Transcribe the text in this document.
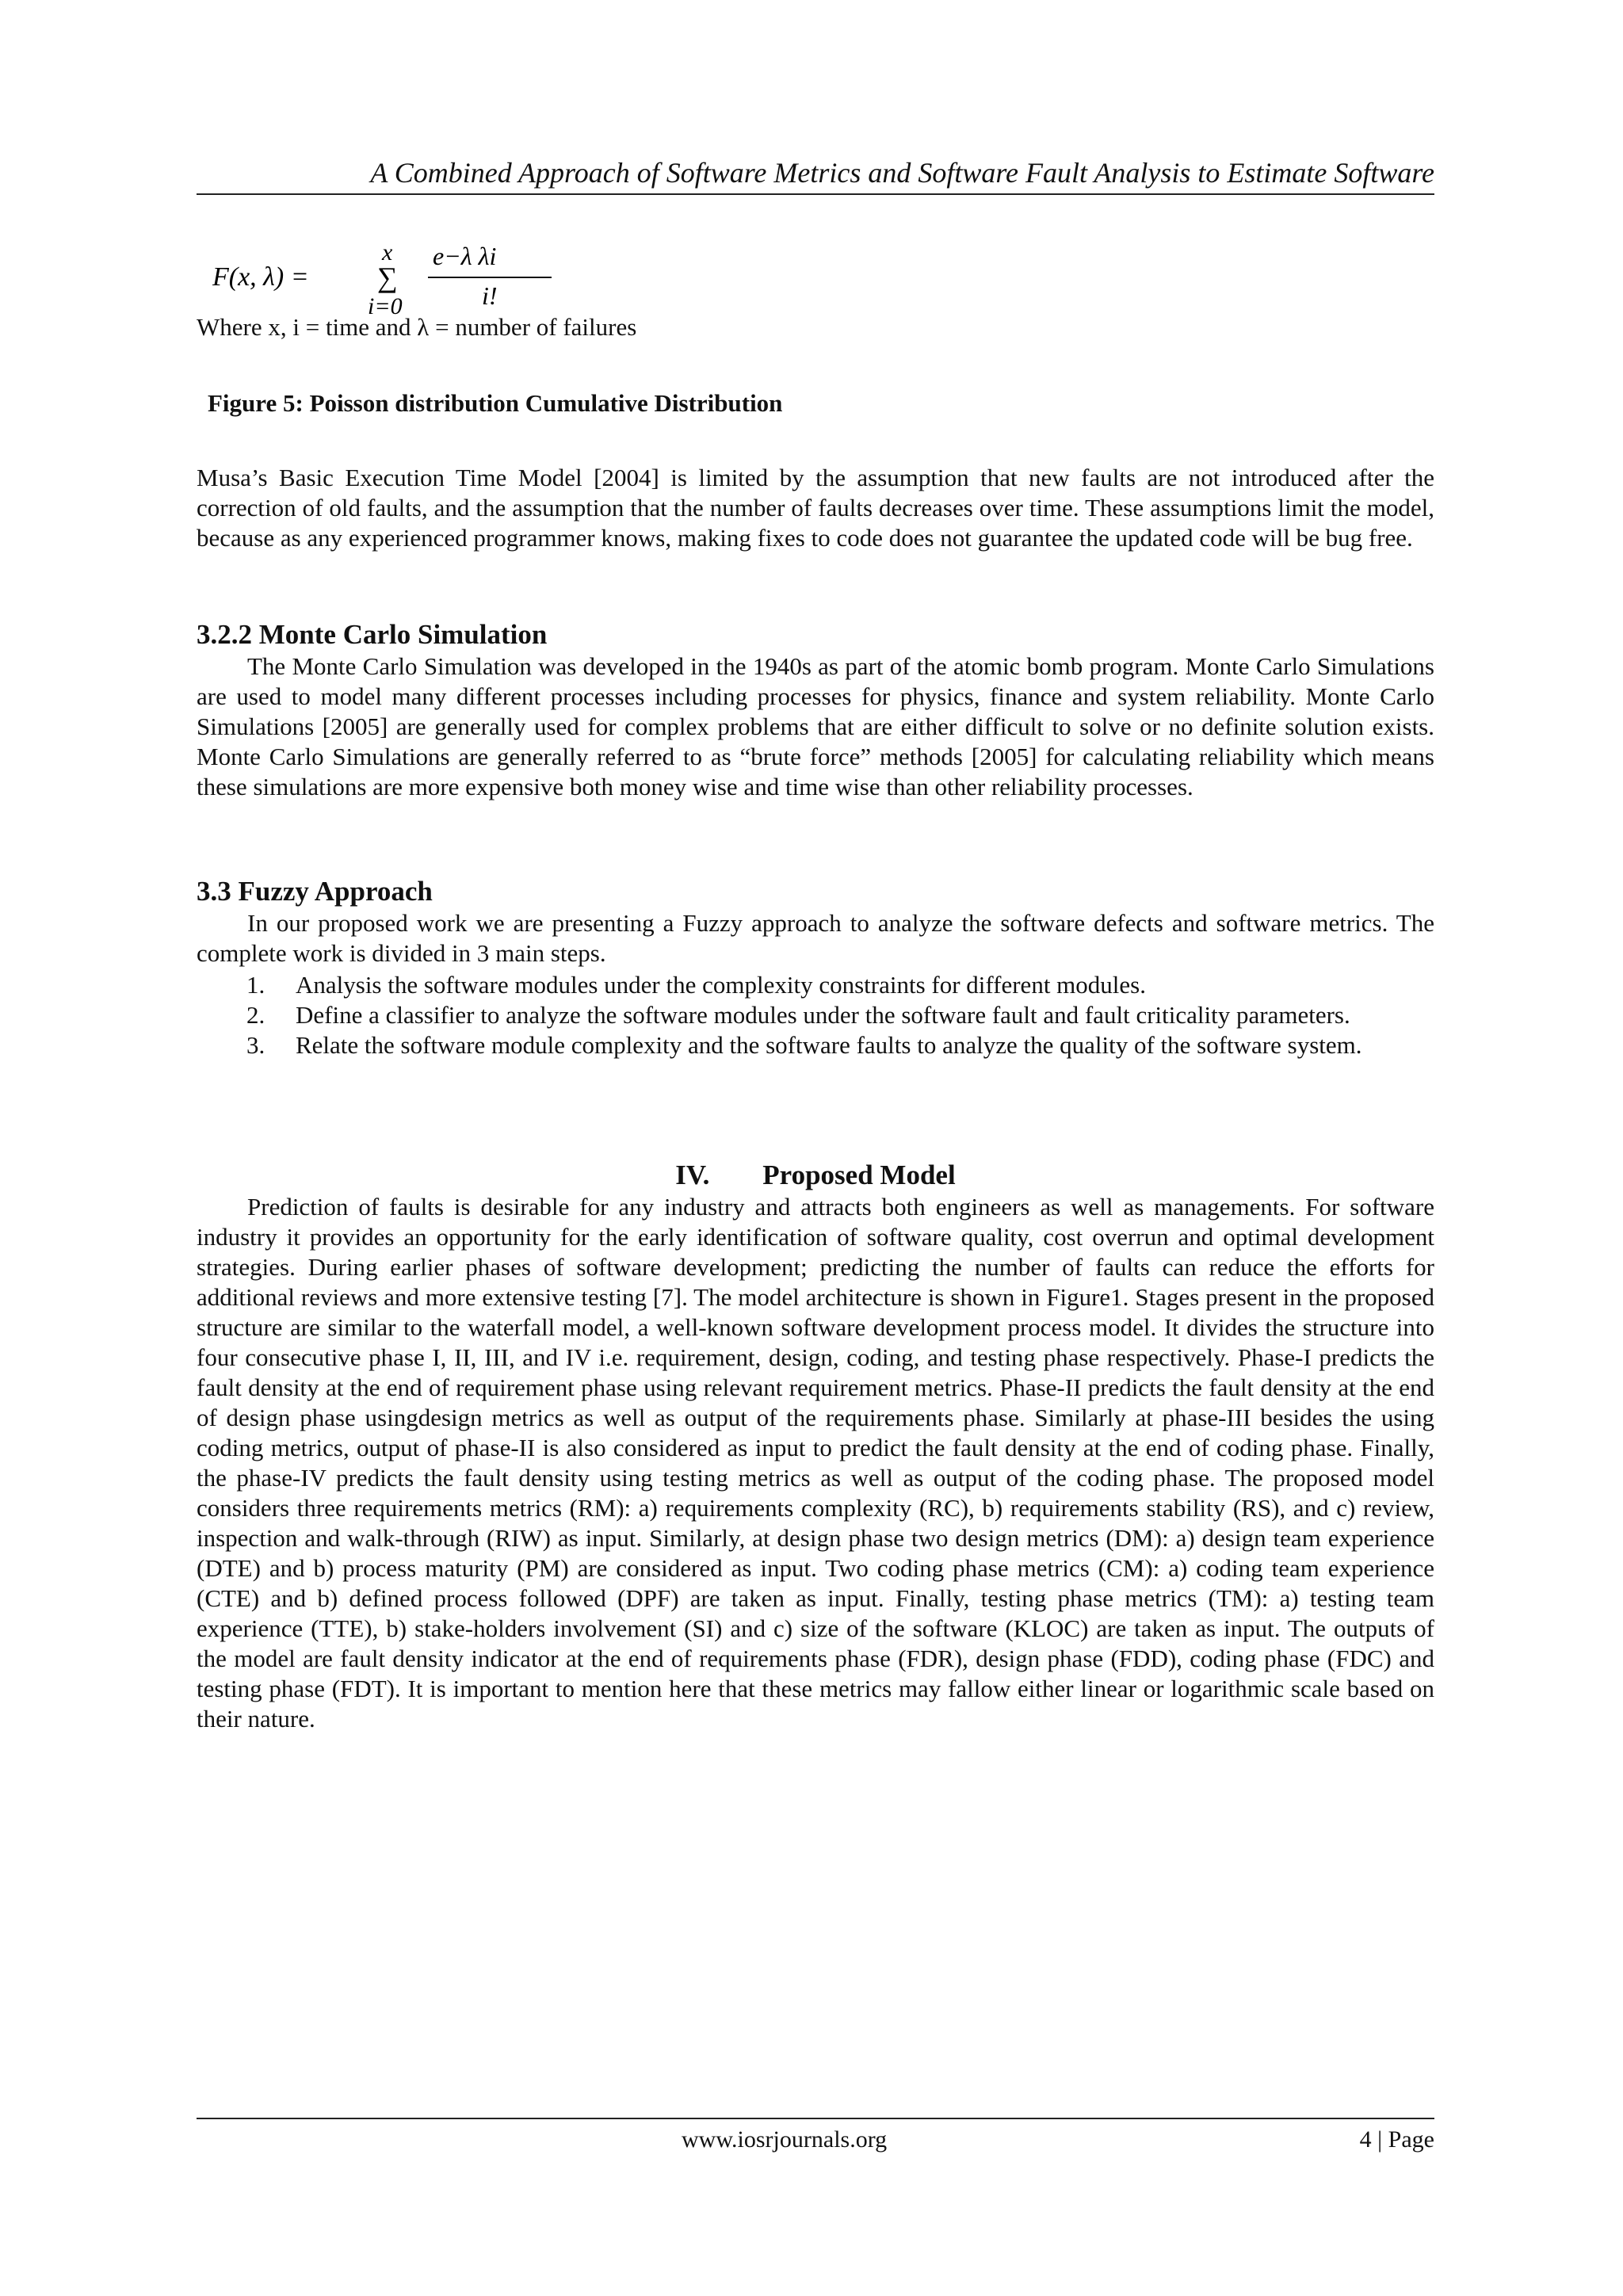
A Combined Approach of Software Metrics and Software Fault Analysis to Estimate Software
F(x, λ) =
x
∑
i=0
e−λ λi
i!
Where x, i = time and λ = number of failures
Figure 5: Poisson distribution Cumulative Distribution

Musa’s Basic Execution Time Model [2004] is limited by the assumption that new faults are not introduced after the correction of old faults, and the assumption that the number of faults decreases over time. These assumptions limit the model, because as any experienced programmer knows, making fixes to code does not guarantee the updated code will be bug free.

3.2.2 Monte Carlo Simulation

The Monte Carlo Simulation was developed in the 1940s as part of the atomic bomb program. Monte Carlo Simulations are used to model many different processes including processes for physics, finance and system reliability. Monte Carlo Simulations [2005] are generally used for complex problems that are either difficult to solve or no definite solution exists. Monte Carlo Simulations are generally referred to as “brute force” methods [2005] for calculating reliability which means these simulations are more expensive both money wise and time wise than other reliability processes.

3.3 Fuzzy Approach

In our proposed work we are presenting a Fuzzy approach to analyze the software defects and software metrics. The complete work is divided in 3 main steps.

1.	Analysis the software modules under the complexity constraints for different modules.
2.	Define a classifier to analyze the software modules under the software fault and fault criticality parameters.
3.	Relate the software module complexity and the software faults to analyze the quality of the software system.
IV. Proposed Model

Prediction of faults is desirable for any industry and attracts both engineers as well as managements. For software industry it provides an opportunity for the early identification of software quality, cost overrun and optimal development strategies. During earlier phases of software development; predicting the number of faults can reduce the efforts for additional reviews and more extensive testing [7]. The model architecture is shown in Figure1. Stages present in the proposed structure are similar to the waterfall model, a well-known software development process model. It divides the structure into four consecutive phase I, II, III, and IV i.e. requirement, design, coding, and testing phase respectively. Phase-I predicts the fault density at the end of requirement phase using relevant requirement metrics. Phase-II predicts the fault density at the end of design phase usingdesign metrics as well as output of the requirements phase. Similarly at phase-III besides the using coding metrics, output of phase-II is also considered as input to predict the fault density at the end of coding phase. Finally, the phase-IV predicts the fault density using testing metrics as well as output of the coding phase. The proposed model considers three requirements metrics (RM): a) requirements complexity (RC), b) requirements stability (RS), and c) review, inspection and walk-through (RIW) as input. Similarly, at design phase two design metrics (DM): a) design team experience (DTE) and b) process maturity (PM) are considered as input. Two coding phase metrics (CM): a) coding team experience (CTE) and b) defined process followed (DPF) are taken as input. Finally, testing phase metrics (TM): a) testing team experience (TTE), b) stake-holders involvement (SI) and c) size of the software (KLOC) are taken as input. The outputs of the model are fault density indicator at the end of requirements phase (FDR), design phase (FDD), coding phase (FDC) and testing phase (FDT). It is important to mention here that these metrics may fallow either linear or logarithmic scale based on their nature.

www.iosrjournals.org	4 | Page
